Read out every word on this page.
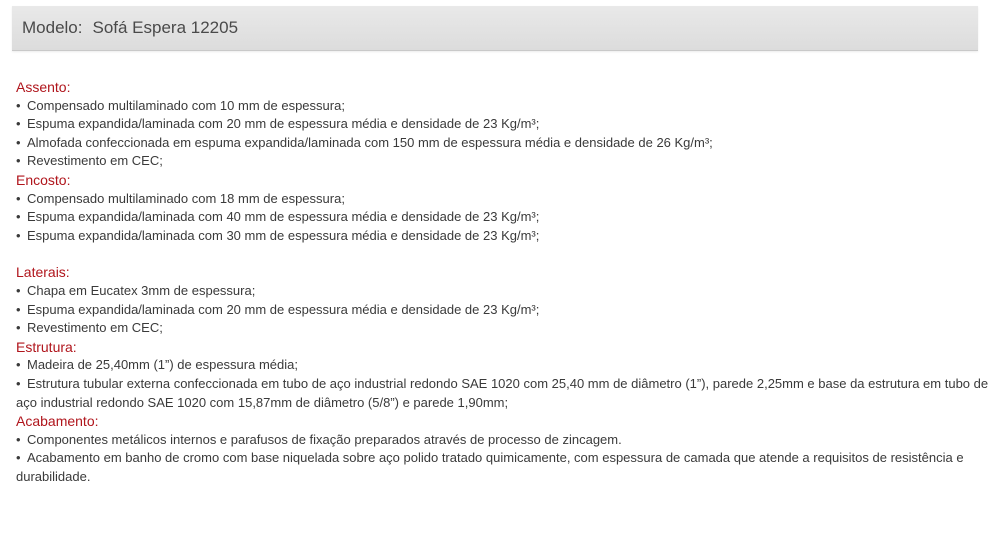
Modelo: Sofá Espera 12205
Assento:
• Compensado multilaminado com 10 mm de espessura;
• Espuma expandida/laminada com 20 mm de espessura média e densidade de 23 Kg/m³;
• Almofada confeccionada em espuma expandida/laminada com 150 mm de espessura média e densidade de 26 Kg/m³;
• Revestimento em CEC;
Encosto:
• Compensado multilaminado com 18 mm de espessura;
• Espuma expandida/laminada com 40 mm de espessura média e densidade de 23 Kg/m³;
• Espuma expandida/laminada com 30 mm de espessura média e densidade de 23 Kg/m³;
Laterais:
• Chapa em Eucatex 3mm de espessura;
• Espuma expandida/laminada com 20 mm de espessura média e densidade de 23 Kg/m³;
• Revestimento em CEC;
Estrutura:
• Madeira de 25,40mm (1”) de espessura média;
• Estrutura tubular externa confeccionada em tubo de aço industrial redondo SAE 1020 com 25,40 mm de diâmetro (1”), parede 2,25mm e base da estrutura em tubo de aço industrial redondo SAE 1020 com 15,87mm de diâmetro (5/8”) e parede 1,90mm;
Acabamento:
• Componentes metálicos internos e parafusos de fixação preparados através de processo de zincagem.
• Acabamento em banho de cromo com base niquelada sobre aço polido tratado quimicamente, com espessura de camada que atende a requisitos de resistência e durabilidade.
